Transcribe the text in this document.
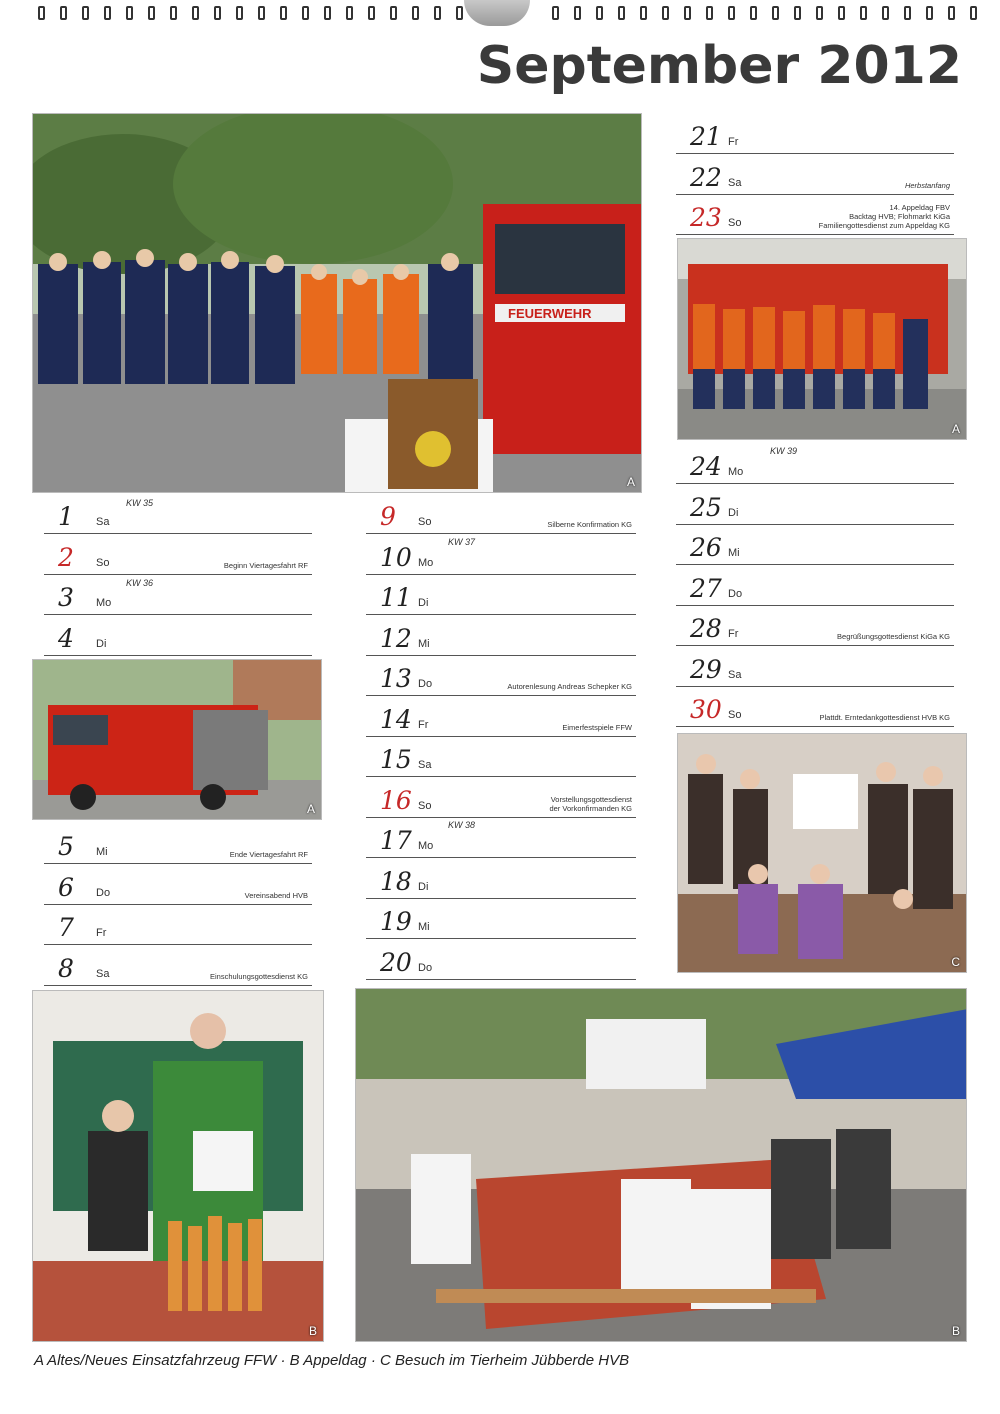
September 2012
FEUERWEHR
A
A
A
C
B	B
1	Sa
2	So	Beginn Viertagesfahrt RF
3	Mo
4	Di
5	Mi	Ende Viertagesfahrt RF
6	Do	Vereinsabend HVB
7	Fr
8	Sa	Einschulungsgottesdienst KG
9	So	Silberne Konfirmation KG
10 Mo
11 Di
12 Mi
13 Do	Autorenlesung Andreas Schepker KG
14 Fr	Eimerfestspiele FFW
15 Sa
16 So
Vorstellungsgottesdienst
der Vorkonfirmanden KG
17 Mo
18 Di
19 Mi
20 Do
21 Fr
22 Sa	Herbstanfang
23 So
14. Appeldag FBV
Backtag HVB; Flohmarkt KiGa
Familiengottesdienst zum Appeldag KG
24 Mo
25 Di
26 Mi
27 Do
28 Fr	Begrüßungsgottesdienst KiGa KG
29 Sa
30 So	Plattdt. Erntedankgottesdienst HVB KG
KW 35
KW 36
KW 37
KW 38
KW 39
A Altes/Neues Einsatzfahrzeug FFW · B Appeldag · C Besuch im Tierheim Jübberde HVB
